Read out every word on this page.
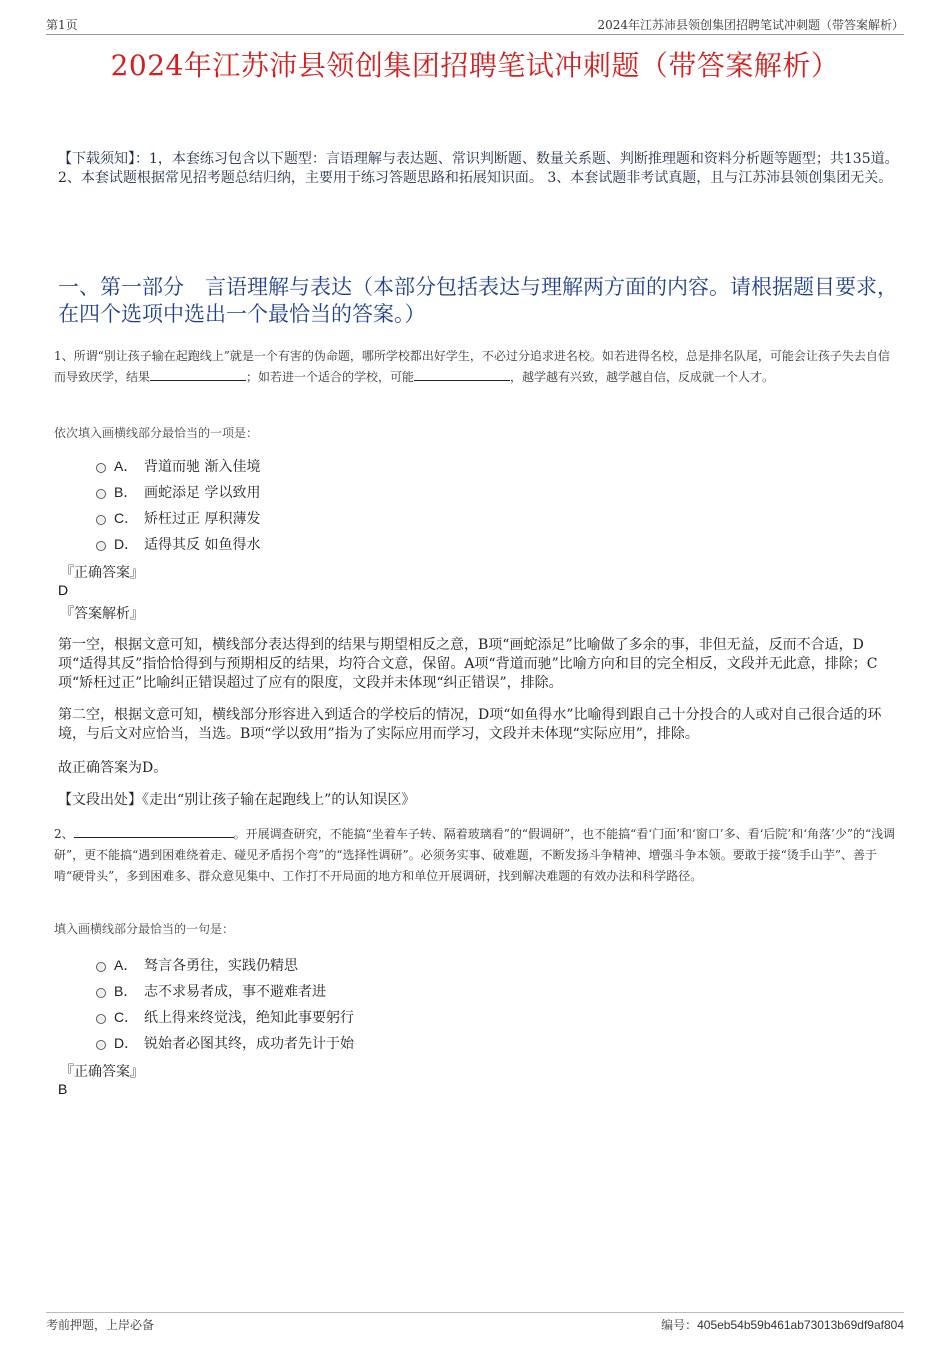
第1页	2024年江苏沛县领创集团招聘笔试冲刺题（带答案解析）
2024年江苏沛县领创集团招聘笔试冲刺题（带答案解析）
【下载须知】：1，本套练习包含以下题型：言语理解与表达题、常识判断题、数量关系题、判断推理题和资料分析题等题型；共135道。 2、本套试题根据常见招考题总结归纳，主要用于练习答题思路和拓展知识面。 3、本套试题非考试真题，且与江苏沛县领创集团无关。
一、第一部分　言语理解与表达（本部分包括表达与理解两方面的内容。请根据题目要求，在四个选项中选出一个最恰当的答案。）
1、所谓“别让孩子输在起跑线上”就是一个有害的伪命题，哪所学校都出好学生，不必过分追求进名校。如若进得名校，总是排名队尾，可能会让孩子失去自信而导致厌学，结果	；如若进一个适合的学校，可能	，越学越有兴致，越学越自信，反成就一个人才。
依次填入画横线部分最恰当的一项是：
A． 背道而驰 渐入佳境
B． 画蛇添足 学以致用
C． 矫枉过正 厚积薄发
D． 适得其反 如鱼得水
『正确答案』
D
『答案解析』
第一空，根据文意可知，横线部分表达得到的结果与期望相反之意，B项“画蛇添足”比喻做了多余的事，非但无益，反而不合适，D项“适得其反”指恰恰得到与预期相反的结果，均符合文意，保留。A项“背道而驰”比喻方向和目的完全相反，文段并无此意，排除；C项“矫枉过正”比喻纠正错误超过了应有的限度，文段并未体现“纠正错误”，排除。
第二空，根据文意可知，横线部分形容进入到适合的学校后的情况，D项“如鱼得水”比喻得到跟自己十分投合的人或对自己很合适的环境，与后文对应恰当，当选。B项“学以致用”指为了实际应用而学习，文段并未体现“实际应用”，排除。
故正确答案为D。
【文段出处】《走出“别让孩子输在起跑线上”的认知误区》
2、	。开展调查研究，不能搞“坐着车子转、隔着玻璃看”的“假调研”，也不能搞“看‘门面’和‘窗口’多、看‘后院’和‘角落’少”的“浅调研”，更不能搞“遇到困难绕着走、碰见矛盾拐个弯”的“选择性调研”。必须务实事、破难题，不断发扬斗争精神、增强斗争本领。要敢于接“烫手山芋”、善于啃“硬骨头”，多到困难多、群众意见集中、工作打不开局面的地方和单位开展调研，找到解决难题的有效办法和科学路径。
填入画横线部分最恰当的一句是：
A． 驽言各勇往，实践仍精思
B． 志不求易者成，事不避难者进
C． 纸上得来终觉浅，绝知此事要躬行
D． 锐始者必图其终，成功者先计于始
『正确答案』
B
考前押题，上岸必备	编号：405eb54b59b461ab73013b69df9af804
